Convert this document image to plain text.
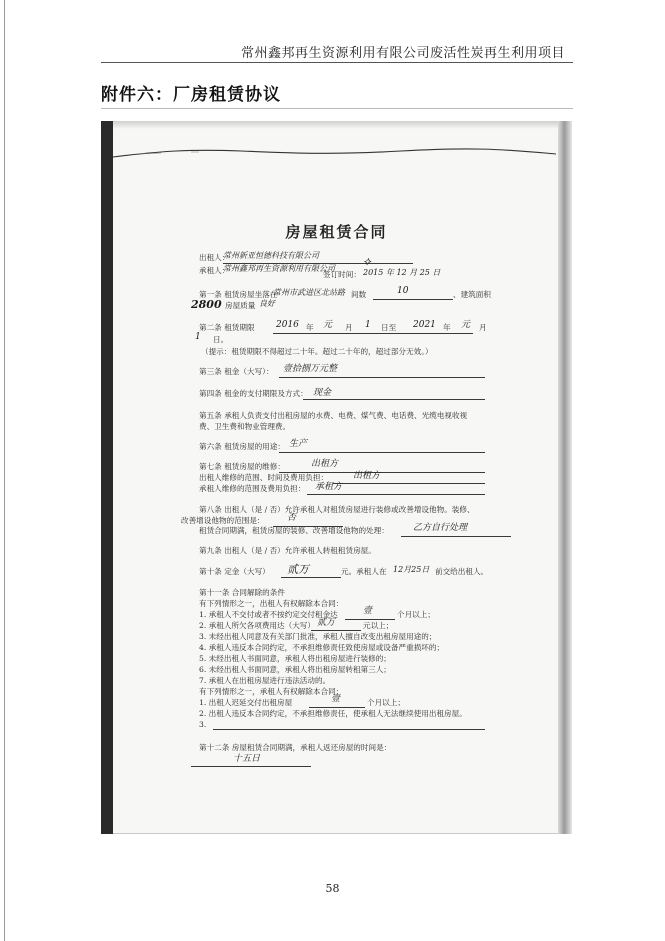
常州鑫邦再生资源利用有限公司废活性炭再生利用项目
附件六：厂房租赁协议
房屋租赁合同
出租人：
常州新亚恒德科技有限公司
承租人：
常州鑫邦再生资源利用有限公司
签订时间： 2015 年 12 月 25 日
⟡
第一条 租赁房屋坐落在
常州市武进区北站路 间数	10	、建筑面积
2800 房屋质量 良好
第二条 租赁期限 2016 年 元 月 1 日至 2021 年 元 月
1 日。
（提示：租赁期限不得超过二十年。超过二十年的，超过部分无效。）
第三条 租金（大写）： 壹拾捌万元整
第四条 租金的支付期限及方式： 现金
第五条 承租人负责支付出租房屋的水费、电费、煤气费、电话费、光缆电视收视
费、卫生费和物业管理费。
第六条 租赁房屋的用途： 生产
第七条 租赁房屋的维修：	出租方
出租人维修的范围、时间及费用负担：	出租方
承租人维修的范围及费用负担： 承租方
第八条 出租人（是 / 否）允许承租人对租赁房屋进行装修或改善增设他物。装修、
改善增设他物的范围是： 否
租赁合同期满，租赁房屋的装修、改善增设他物的处理：	乙方自行处理
第九条 出租人（是 / 否）允许承租人转租租赁房屋。
第十条 定金（大写） 贰万	元。承租人在 12月25日 前交给出租人。
第十一条 合同解除的条件
有下列情形之一，出租人有权解除本合同：
1. 承租人不交付或者不按约定交付租金达	壹	个月以上；
2. 承租人所欠各项费用达（大写） 贰万	元以上；
3. 未经出租人同意及有关部门批准，承租人擅自改变出租房屋用途的；
4. 承租人违反本合同约定，不承担维修责任致使房屋或设备严重损坏的；
5. 未经出租人书面同意，承租人将出租房屋进行装修的；
6. 未经出租人书面同意，承租人将出租房屋转租第三人；
7. 承租人在出租房屋进行违法活动的。
有下列情形之一，承租人有权解除本合同：
1. 出租人迟延交付出租房屋	壹	个月以上；
2. 出租人违反本合同约定，不承担维修责任，使承租人无法继续使用出租房屋。
3.
第十二条 房屋租赁合同期满，承租人返还房屋的时间是：
十五日
58
